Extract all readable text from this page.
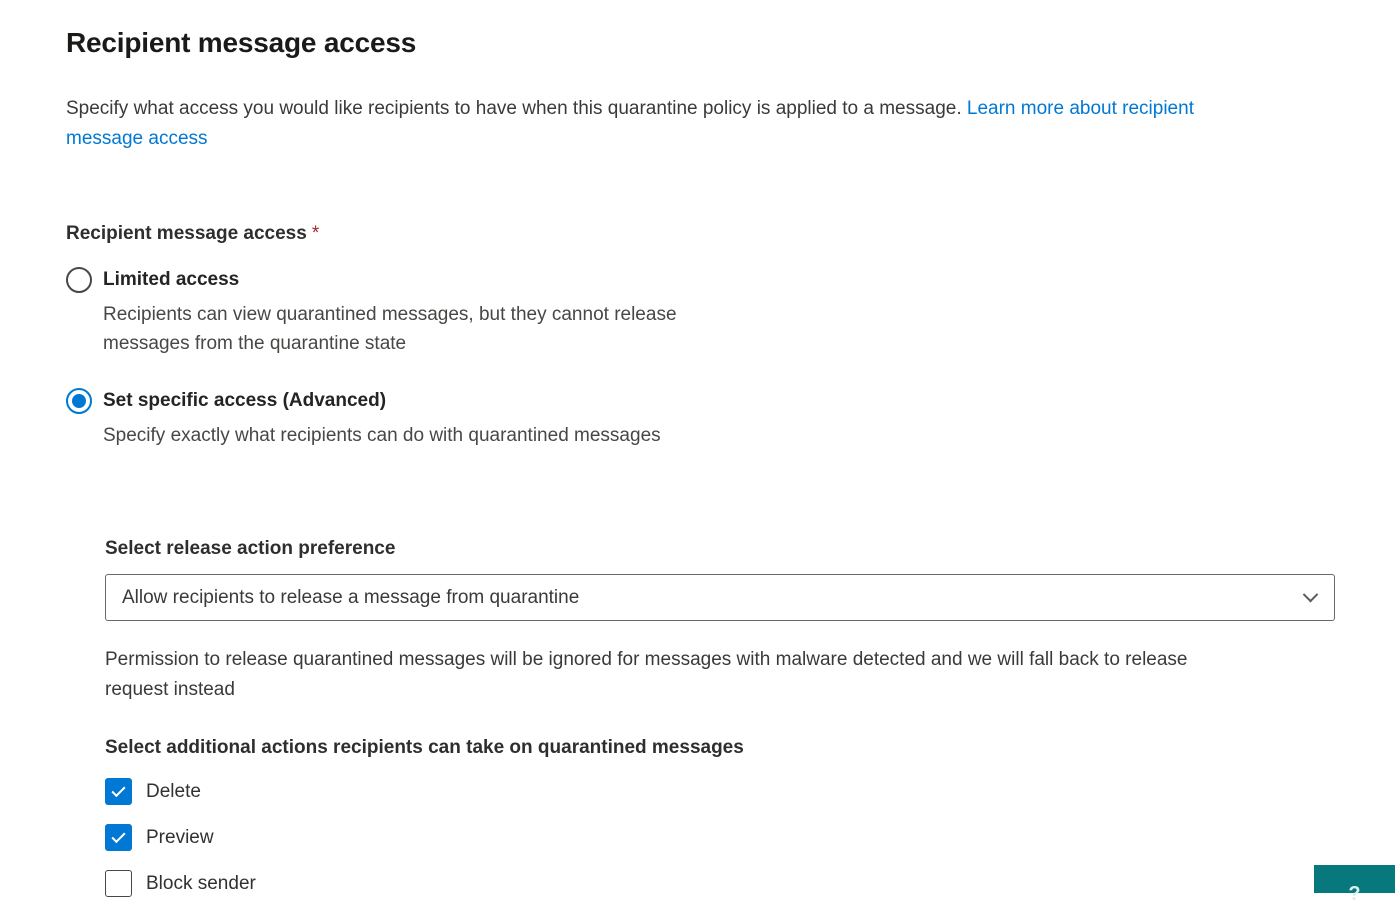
Recipient message access

Specify what access you would like recipients to have when this quarantine policy is applied to a message. Learn more about recipient message access

Recipient message access *
Limited access
Recipients can view quarantined messages, but they cannot release messages from the quarantine state
Set specific access (Advanced)
Specify exactly what recipients can do with quarantined messages
Select release action preference
Allow recipients to release a message from quarantine
Permission to release quarantined messages will be ignored for messages with malware detected and we will fall back to release request instead
Select additional actions recipients can take on quarantined messages
Delete
Preview
Block sender	?
